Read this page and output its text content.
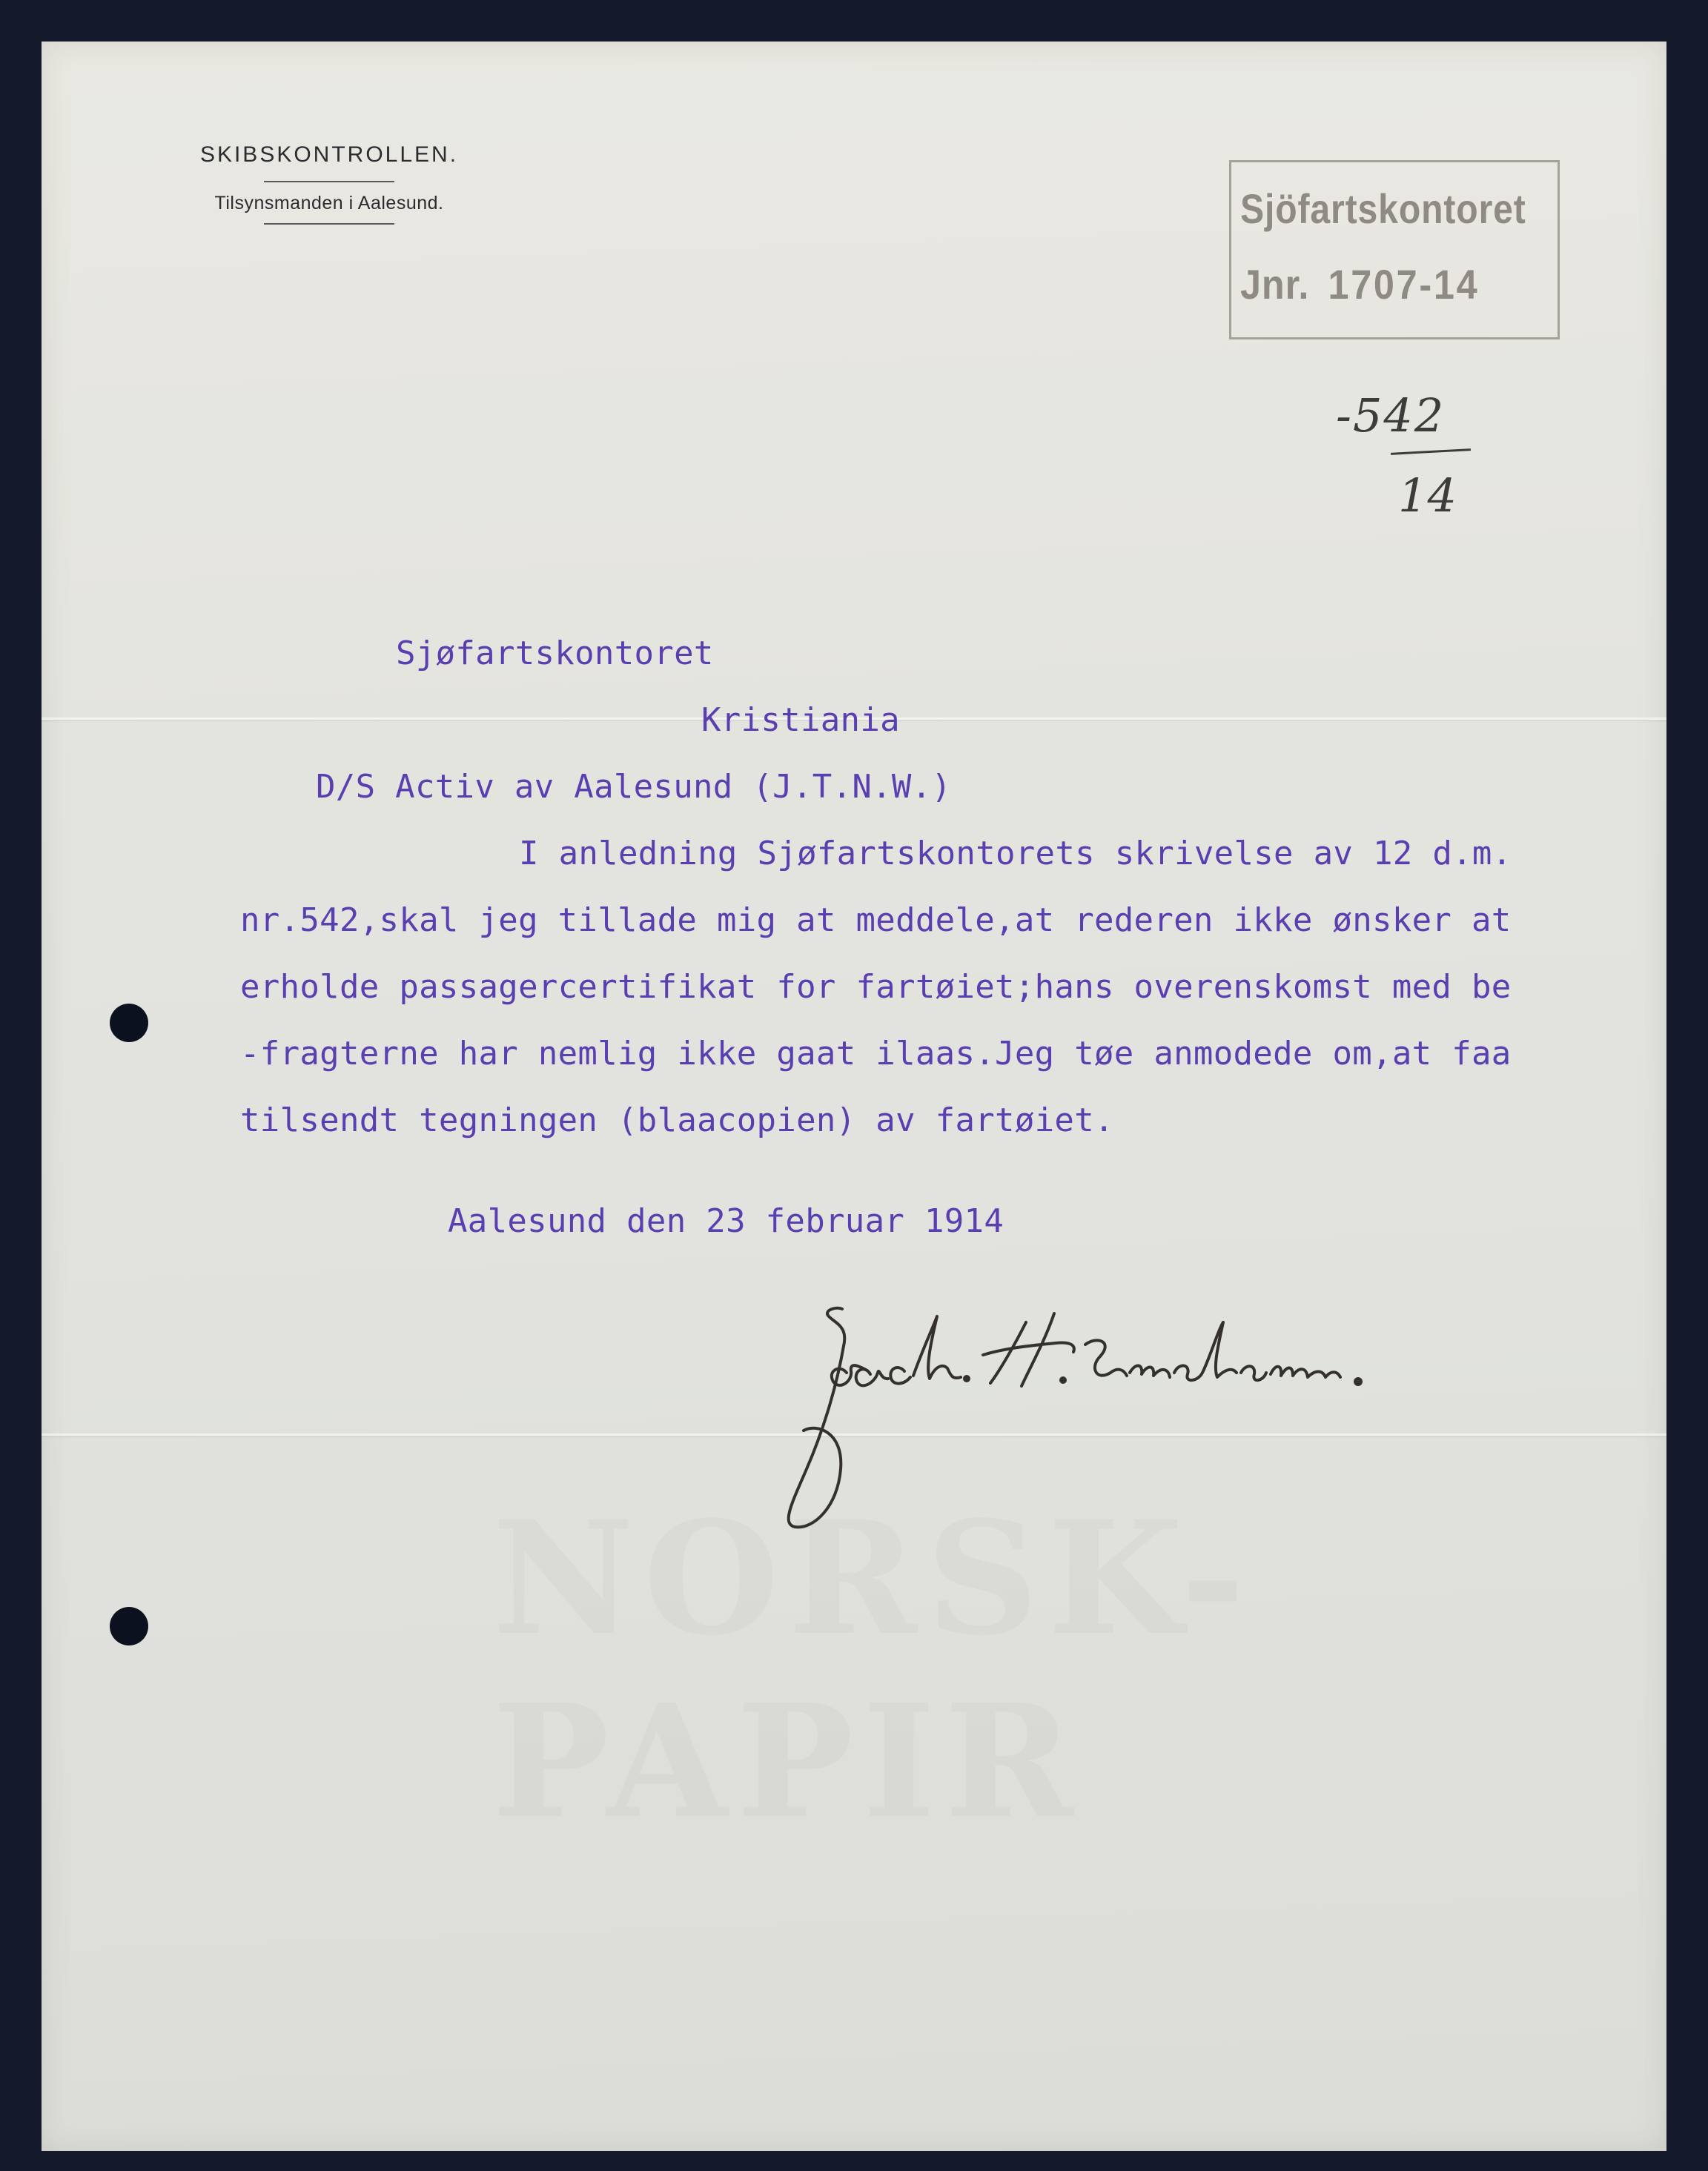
NORSK-PAPIR
SKIBSKONTROLLEN.
Tilsynsmanden i Aalesund.	Sjöfartskontoret
Jnr. 1707-14
-542
14
Sjøfartskontoret
Kristiania
D/S Activ av Aalesund (J.T.N.W.)
I anledning Sjøfartskontorets skrivelse av 12 d.m.
nr.542,skal jeg tillade mig at meddele,at rederen ikke ønsker at
erholde passagercertifikat for fartøiet;hans overenskomst med be
-fragterne har nemlig ikke gaat ilaas.Jeg tøe anmodede om,at faa
tilsendt tegningen (blaacopien) av fartøiet.
Aalesund den 23 februar 1914
